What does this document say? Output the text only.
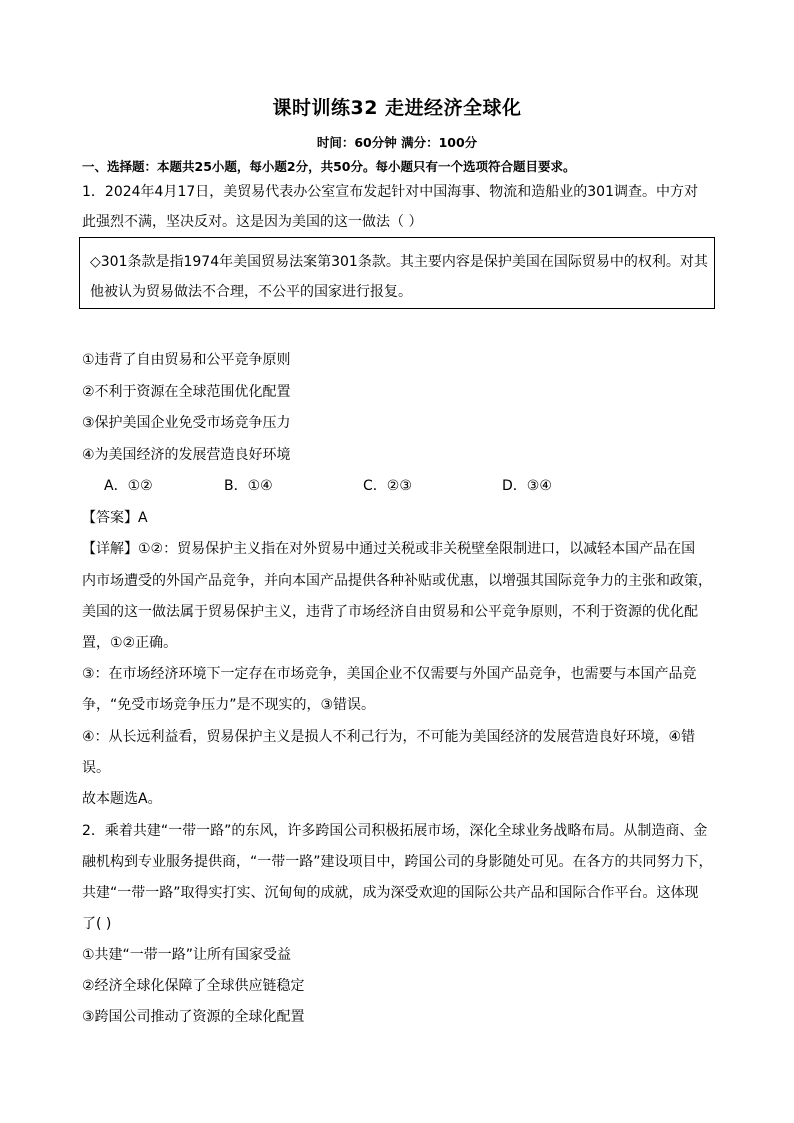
课时训练32 走进经济全球化
时间：60分钟 满分：100分
一、选择题：本题共25小题，每小题2分，共50分。每小题只有一个选项符合题目要求。
1．2024年4月17日，美贸易代表办公室宣布发起针对中国海事、物流和造船业的301调查。中方对
此强烈不满，坚决反对。这是因为美国的这一做法（ ）
◇301条款是指1974年美国贸易法案第301条款。其主要内容是保护美国在国际贸易中的权利。对其
他被认为贸易做法不合理，不公平的国家进行报复。
①违背了自由贸易和公平竞争原则
②不利于资源在全球范围优化配置
③保护美国企业免受市场竞争压力
④为美国经济的发展营造良好环境
A．①②	B．①④	C．②③	D．③④
【答案】A
【详解】①②：贸易保护主义指在对外贸易中通过关税或非关税壁垒限制进口，以减轻本国产品在国
内市场遭受的外国产品竞争，并向本国产品提供各种补贴或优惠，以增强其国际竞争力的主张和政策，
美国的这一做法属于贸易保护主义，违背了市场经济自由贸易和公平竞争原则，不利于资源的优化配
置，①②正确。
③：在市场经济环境下一定存在市场竞争，美国企业不仅需要与外国产品竞争，也需要与本国产品竞
争，“免受市场竞争压力”是不现实的，③错误。
④：从长远利益看，贸易保护主义是损人不利己行为，不可能为美国经济的发展营造良好环境，④错
误。
故本题选A。
2．乘着共建“一带一路”的东风，许多跨国公司积极拓展市场，深化全球业务战略布局。从制造商、金
融机构到专业服务提供商，“一带一路”建设项目中，跨国公司的身影随处可见。在各方的共同努力下，
共建“一带一路”取得实打实、沉甸甸的成就，成为深受欢迎的国际公共产品和国际合作平台。这体现
了( )
①共建“一带一路”让所有国家受益
②经济全球化保障了全球供应链稳定
③跨国公司推动了资源的全球化配置
